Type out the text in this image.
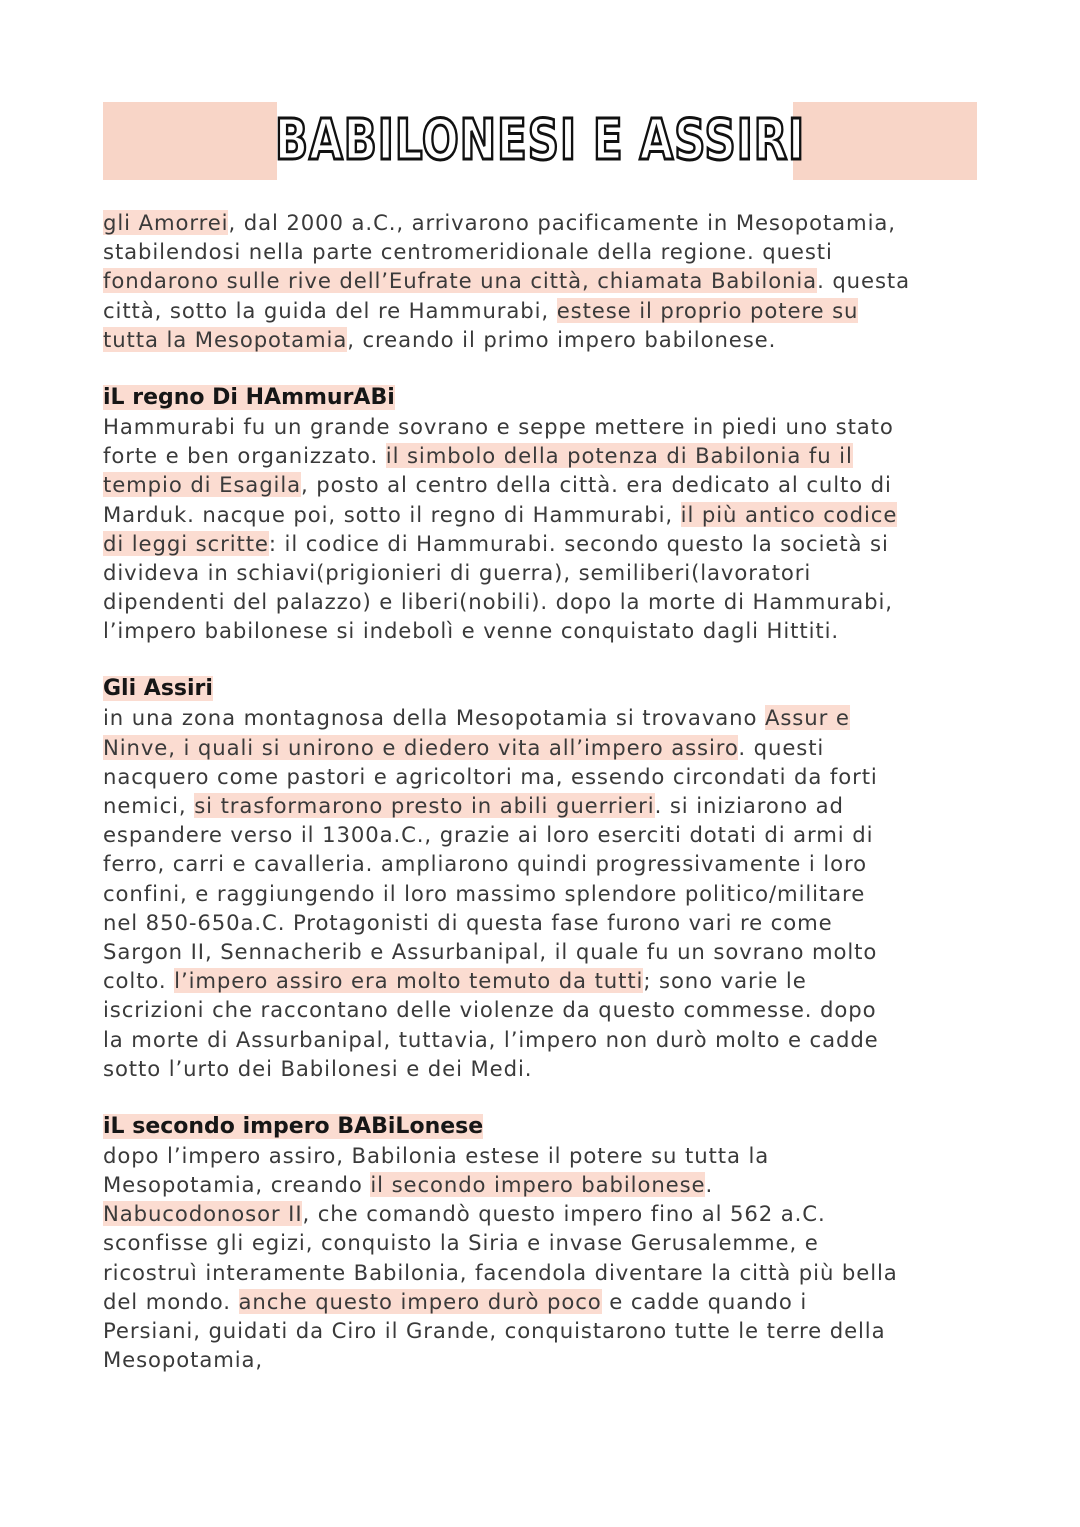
BABILONESI E ASSIRI

gli Amorrei, dal 2000 a.C., arrivarono pacificamente in Mesopotamia,
stabilendosi nella parte centromeridionale della regione. questi
fondarono sulle rive dell’Eufrate una città, chiamata Babilonia. questa
città, sotto la guida del re Hammurabi, estese il proprio potere su
tutta la Mesopotamia, creando il primo impero babilonese.

iL regno Di HAmmurABi

Hammurabi fu un grande sovrano e seppe mettere in piedi uno stato
forte e ben organizzato. il simbolo della potenza di Babilonia fu il
tempio di Esagila, posto al centro della città. era dedicato al culto di
Marduk. nacque poi, sotto il regno di Hammurabi, il più antico codice
di leggi scritte: il codice di Hammurabi. secondo questo la società si
divideva in schiavi(prigionieri di guerra), semiliberi(lavoratori
dipendenti del palazzo) e liberi(nobili). dopo la morte di Hammurabi,
l’impero babilonese si indebolì e venne conquistato dagli Hittiti.

Gli Assiri

in una zona montagnosa della Mesopotamia si trovavano Assur e
Ninve, i quali si unirono e diedero vita all’impero assiro. questi
nacquero come pastori e agricoltori ma, essendo circondati da forti
nemici, si trasformarono presto in abili guerrieri. si iniziarono ad
espandere verso il 1300a.C., grazie ai loro eserciti dotati di armi di
ferro, carri e cavalleria. ampliarono quindi progressivamente i loro
confini, e raggiungendo il loro massimo splendore politico/militare
nel 850-650a.C. Protagonisti di questa fase furono vari re come
Sargon II, Sennacherib e Assurbanipal, il quale fu un sovrano molto
colto. l’impero assiro era molto temuto da tutti; sono varie le
iscrizioni che raccontano delle violenze da questo commesse. dopo
la morte di Assurbanipal, tuttavia, l’impero non durò molto e cadde
sotto l’urto dei Babilonesi e dei Medi.

iL secondo impero BABiLonese

dopo l’impero assiro, Babilonia estese il potere su tutta la
Mesopotamia, creando il secondo impero babilonese.
Nabucodonosor II, che comandò questo impero fino al 562 a.C.
sconfisse gli egizi, conquisto la Siria e invase Gerusalemme, e
ricostruì interamente Babilonia, facendola diventare la città più bella
del mondo. anche questo impero durò poco e cadde quando i
Persiani, guidati da Ciro il Grande, conquistarono tutte le terre della
Mesopotamia,
